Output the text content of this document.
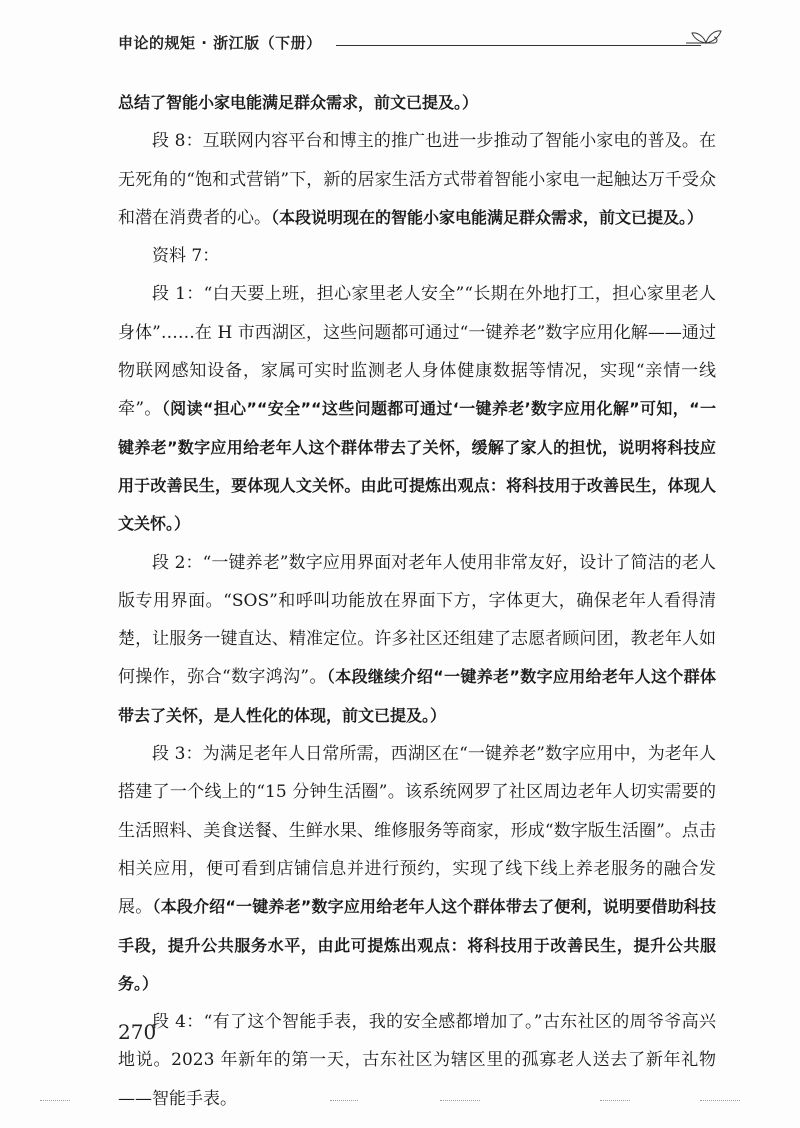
申论的规矩 · 浙江版（下册）

总结了智能小家电能满足群众需求，前文已提及。）

段 8：互联网内容平台和博主的推广也进一步推动了智能小家电的普及。在无死角的“饱和式营销”下，新的居家生活方式带着智能小家电一起触达万千受众和潜在消费者的心。（本段说明现在的智能小家电能满足群众需求，前文已提及。）

资料 7：

段 1：“白天要上班，担心家里老人安全”“长期在外地打工，担心家里老人身体”……在 H 市西湖区，这些问题都可通过“一键养老”数字应用化解——通过物联网感知设备，家属可实时监测老人身体健康数据等情况，实现“亲情一线牵”。（阅读“担心”“安全”“这些问题都可通过‘一键养老’数字应用化解”可知，“一键养老”数字应用给老年人这个群体带去了关怀，缓解了家人的担忧，说明将科技应用于改善民生，要体现人文关怀。由此可提炼出观点：将科技用于改善民生，体现人文关怀。）

段 2：“一键养老”数字应用界面对老年人使用非常友好，设计了简洁的老人版专用界面。“SOS”和呼叫功能放在界面下方，字体更大，确保老年人看得清楚，让服务一键直达、精准定位。许多社区还组建了志愿者顾问团，教老年人如何操作，弥合“数字鸿沟”。（本段继续介绍“一键养老”数字应用给老年人这个群体带去了关怀，是人性化的体现，前文已提及。）

段 3：为满足老年人日常所需，西湖区在“一键养老”数字应用中，为老年人搭建了一个线上的“15 分钟生活圈”。该系统网罗了社区周边老年人切实需要的生活照料、美食送餐、生鲜水果、维修服务等商家，形成“数字版生活圈”。点击相关应用，便可看到店铺信息并进行预约，实现了线下线上养老服务的融合发展。（本段介绍“一键养老”数字应用给老年人这个群体带去了便利，说明要借助科技手段，提升公共服务水平，由此可提炼出观点：将科技用于改善民生，提升公共服务。）

段 4：“有了这个智能手表，我的安全感都增加了。”古东社区的周爷爷高兴地说。2023 年新年的第一天，古东社区为辖区里的孤寡老人送去了新年礼物——智能手表。

270
